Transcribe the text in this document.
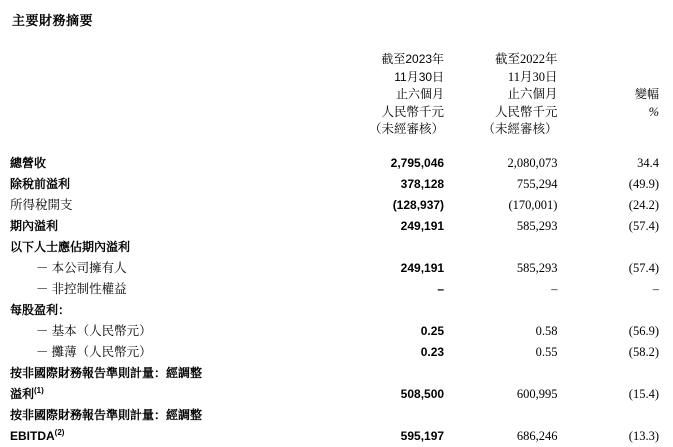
主要財務摘要

截至2023年
11月30日
止六個月
人民幣千元
（未經審核）

截至2022年
11月30日
止六個月
人民幣千元
（未經審核）

變幅
%

總營收	2,795,046	2,080,073	34.4
除稅前溢利	378,128	755,294	(49.9)
所得稅開支	(128,937)	(170,001)	(24.2)
期內溢利	249,191	585,293	(57.4)
以下人士應佔期內溢利			
－ 本公司擁有人	249,191	585,293	(57.4)
－ 非控制性權益	–	–	–
每股盈利：			
－ 基本（人民幣元）	0.25	0.58	(56.9)
－ 攤薄（人民幣元）	0.23	0.55	(58.2)

按非國際財務報告準則計量：經調整
溢利$^{(1)}$	508,500	600,995	(15.4)

按非國際財務報告準則計量：經調整
EBITDA$^{(2)}$	595,197	686,246	(13.3)
